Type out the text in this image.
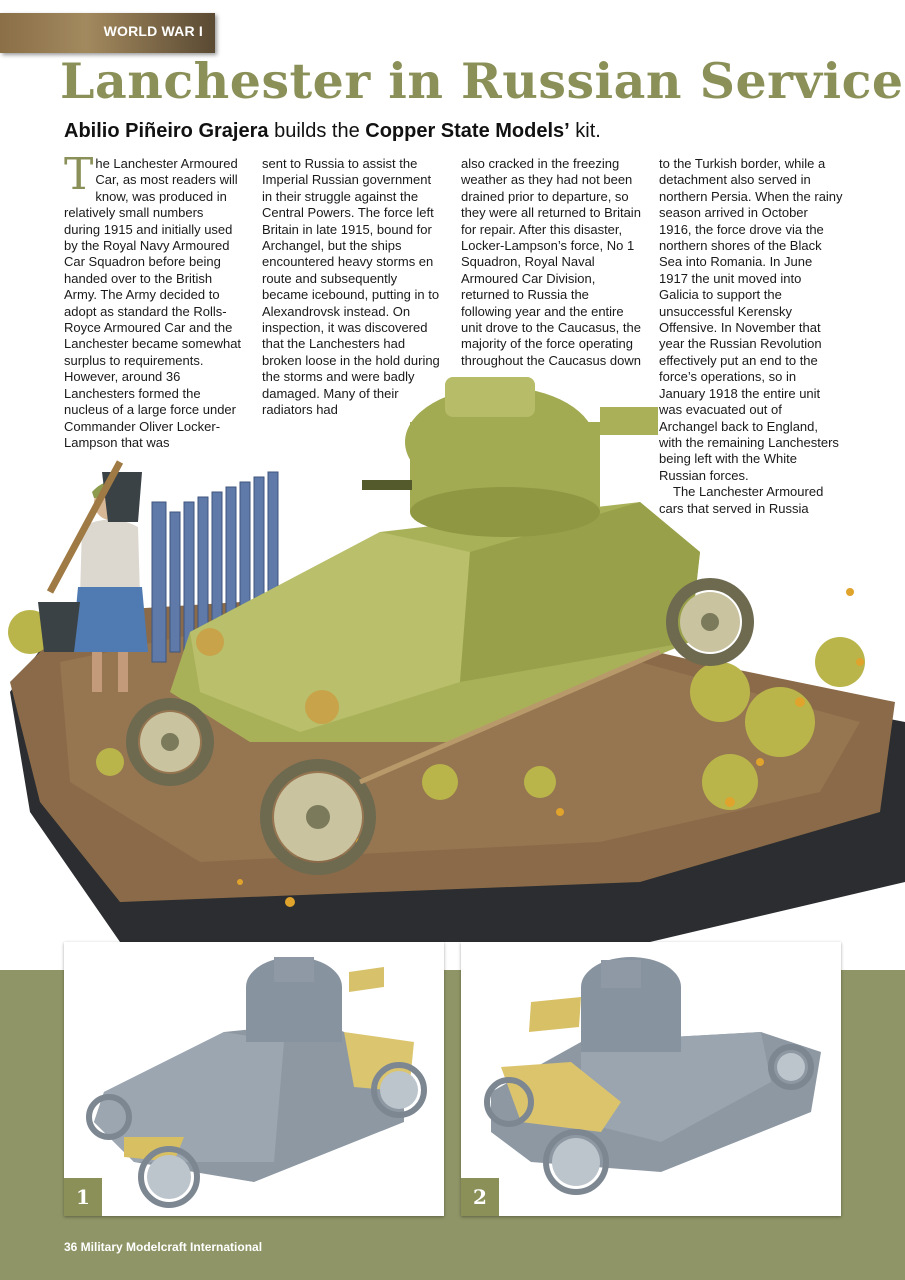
WORLD WAR I
Lanchester in Russian Service
Abilio Piñeiro Grajera builds the Copper State Models’ kit.

The Lanchester Armoured Car, as most readers will know, was produced in relatively small numbers during 1915 and initially used by the Royal Navy Armoured Car Squadron before being handed over to the British Army. The Army decided to adopt as standard the Rolls-Royce Armoured Car and the Lanchester became somewhat surplus to requirements. However, around 36 Lanchesters formed the nucleus of a large force under Commander Oliver Locker-Lampson that was

sent to Russia to assist the Imperial Russian government in their struggle against the Central Powers. The force left Britain in late 1915, bound for Archangel, but the ships encountered heavy storms en route and subsequently became icebound, putting in to Alexandrovsk instead. On inspection, it was discovered that the Lanchesters had broken loose in the hold during the storms and were badly damaged. Many of their radiators had

also cracked in the freezing weather as they had not been drained prior to departure, so they were all returned to Britain for repair. After this disaster, Locker-Lampson’s force, No 1 Squadron, Royal Naval Armoured Car Division, returned to Russia the following year and the entire unit drove to the Caucasus, the majority of the force operating throughout the Caucasus down

to the Turkish border, while a detachment also served in northern Persia. When the rainy season arrived in October 1916, the force drove via the northern shores of the Black Sea into Romania. In June 1917 the unit moved into Galicia to support the unsuccessful Kerensky Offensive. In November that year the Russian Revolution effectively put an end to the force’s operations, so in January 1918 the entire unit was evacuated out of Archangel back to England, with the remaining Lanchesters being left with the White Russian forces.

The Lanchester Armoured cars that served in Russia

1	2
36 Military Modelcraft International
